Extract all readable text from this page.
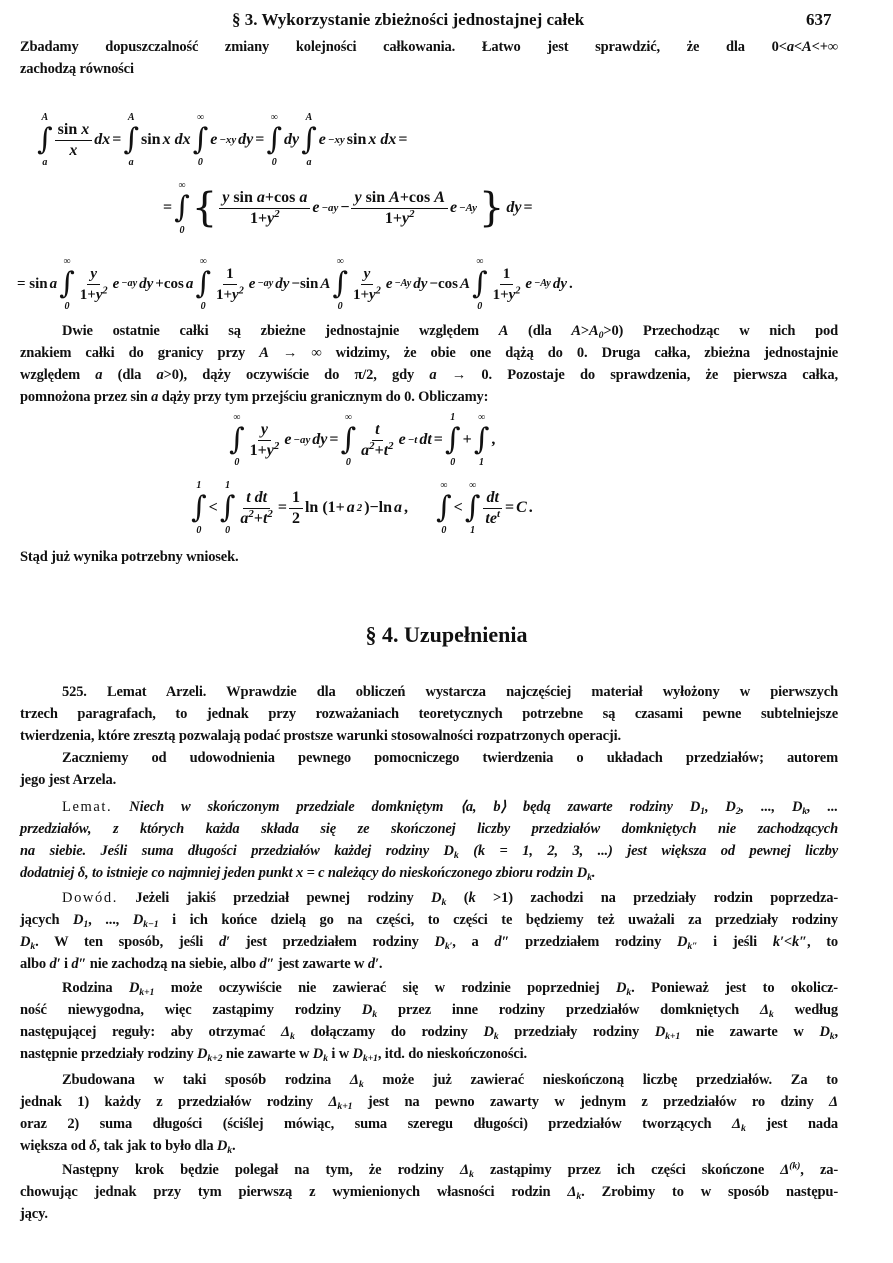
§ 3. Wykorzystanie zbieżności jednostajnej całek	637
Zbadamy dopuszczalność zmiany kolejności całkowania. Łatwo jest sprawdzić, że dla 0<a<A<+∞
zachodzą równości
A
∫
a
$\frac{\text{sin x}}{x}$ dx =
A
∫
a
sin x dx
∞
∫
0
e −xy dy =
∞
∫
0
dy
A
∫
a
e −xy sin x dx =
=
∞
∫
0 { $\frac{\text{y sin a+cos a}}{1+y^2}$ $e -ay - \frac{\text{y sin A+cos A}}{1+y^2}$ e −Ay } dy =
= sin a
∞
∫
0
$\frac{y}{1+y^2}$ e −ay dy +cos a
∞
∫
0
$\frac{1}{1+y^2}$ e −ay dy −sin A
∞
∫
0
$\frac{y}{1+y^2}$ e −Ay dy −cos A
∞
∫
0
$\frac{1}{1+y^2}$ e −Ay dy .
Dwie ostatnie całki są zbieżne jednostajnie względem A (dla $A>A_0>0$) Przechodząc w nich pod
znakiem całki do granicy przy A → ∞ widzimy, że obie one dążą do 0. Druga całka, zbieżna jednostajnie
względem a (dla a>0), dąży oczywiście do π/2, gdy a → 0. Pozostaje do sprawdzenia, że pierwsza całka,
pomnożona przez sin a dąży przy tym przejściu granicznym do 0. Obliczamy:
∞
∫
0
$\frac{y}{1+y^2}$ e −ay dy =
∞
∫
0
$\frac{t}{a^2+t^2}$ e −t dt =
1
∫
0
+
∞
∫
1
,
1
∫
0
<
1
∫
0
$\frac{\text{t dt}}{a^2+t^2} = \frac{1}{2}$ ln (1+ a 2 )−ln a ,

∞
∫
0
<
∞
∫
1
$\frac{dt}{te^t} = C$ .
Stąd już wynika potrzebny wniosek.
§ 4. Uzupełnienia
525. Lemat Arzeli. Wprawdzie dla obliczeń wystarcza najczęściej materiał wyłożony w pierwszych
trzech paragrafach, to jednak przy rozważaniach teoretycznych potrzebne są czasami pewne subtelniejsze
twierdzenia, które zresztą pozwalają podać prostsze warunki stosowalności rozpatrzonych operacji.
Zaczniemy od udowodnienia pewnego pomocniczego twierdzenia o układach przedziałów; autorem
jego jest Arzela.
Lemat. Niech w skończonym przedziale domkniętym ⟨a, b⟩ będą zawarte rodziny $D_1$, $D_2$, ..., $D_k$, ...
przedziałów, z których każda składa się ze skończonej liczby przedziałów domkniętych nie zachodzących
na siebie. Jeśli suma długości przedziałów każdej rodziny $D_k$ (k = 1, 2, 3, ...) jest większa od pewnej liczby
dodatniej δ, to istnieje co najmniej jeden punkt x = c należący do nieskończonego zbioru rodzin $D_k$.
Dowód. Jeżeli jakiś przedział pewnej rodziny $D_k$ (k >1) zachodzi na przedziały rodzin poprzedza-
jących $D_1$, ..., $D_{k-1}$ i ich końce dzielą go na części, to części te będziemy też uważali za przedziały rodziny
$D_k$. W ten sposób, jeśli d′ jest przedziałem rodziny $D_{k'}$, a d″ przedziałem rodziny $D_{k''}$ i jeśli k′<k″, to
albo d′ i d″ nie zachodzą na siebie, albo d″ jest zawarte w d′.
Rodzina $D_{k+1}$ może oczywiście nie zawierać się w rodzinie poprzedniej $D_k$. Ponieważ jest to okolicz-
ność niewygodna, więc zastąpimy rodziny $D_k$ przez inne rodziny przedziałów domkniętych $\Delta_k$ według
następującej reguły: aby otrzymać $\Delta_k$ dołączamy do rodziny $D_k$ przedziały rodziny $D_{k+1}$ nie zawarte w $D_k$,
następnie przedziały rodziny $D_{k+2}$ nie zawarte w $D_k$ i w $D_{k+1}$, itd. do nieskończoności.
Zbudowana w taki sposób rodzina $\Delta_k$ może już zawierać nieskończoną liczbę przedziałów. Za to
jednak 1) każdy z przedziałów rodziny $\Delta_{k+1}$ jest na pewno zawarty w jednym z przedziałów ro dziny Δ
oraz 2) suma długości (ściślej mówiąc, suma szeregu długości) przedziałów tworzących $\Delta_k$ jest nada
większa od δ, tak jak to było dla $D_k$.
Następny krok będzie polegał na tym, że rodziny $\Delta_k$ zastąpimy przez ich części skończone $\Delta^{(k)}$, za-
chowując jednak przy tym pierwszą z wymienionych własności rodzin $\Delta_k$. Zrobimy to w sposób następu-
jący.
